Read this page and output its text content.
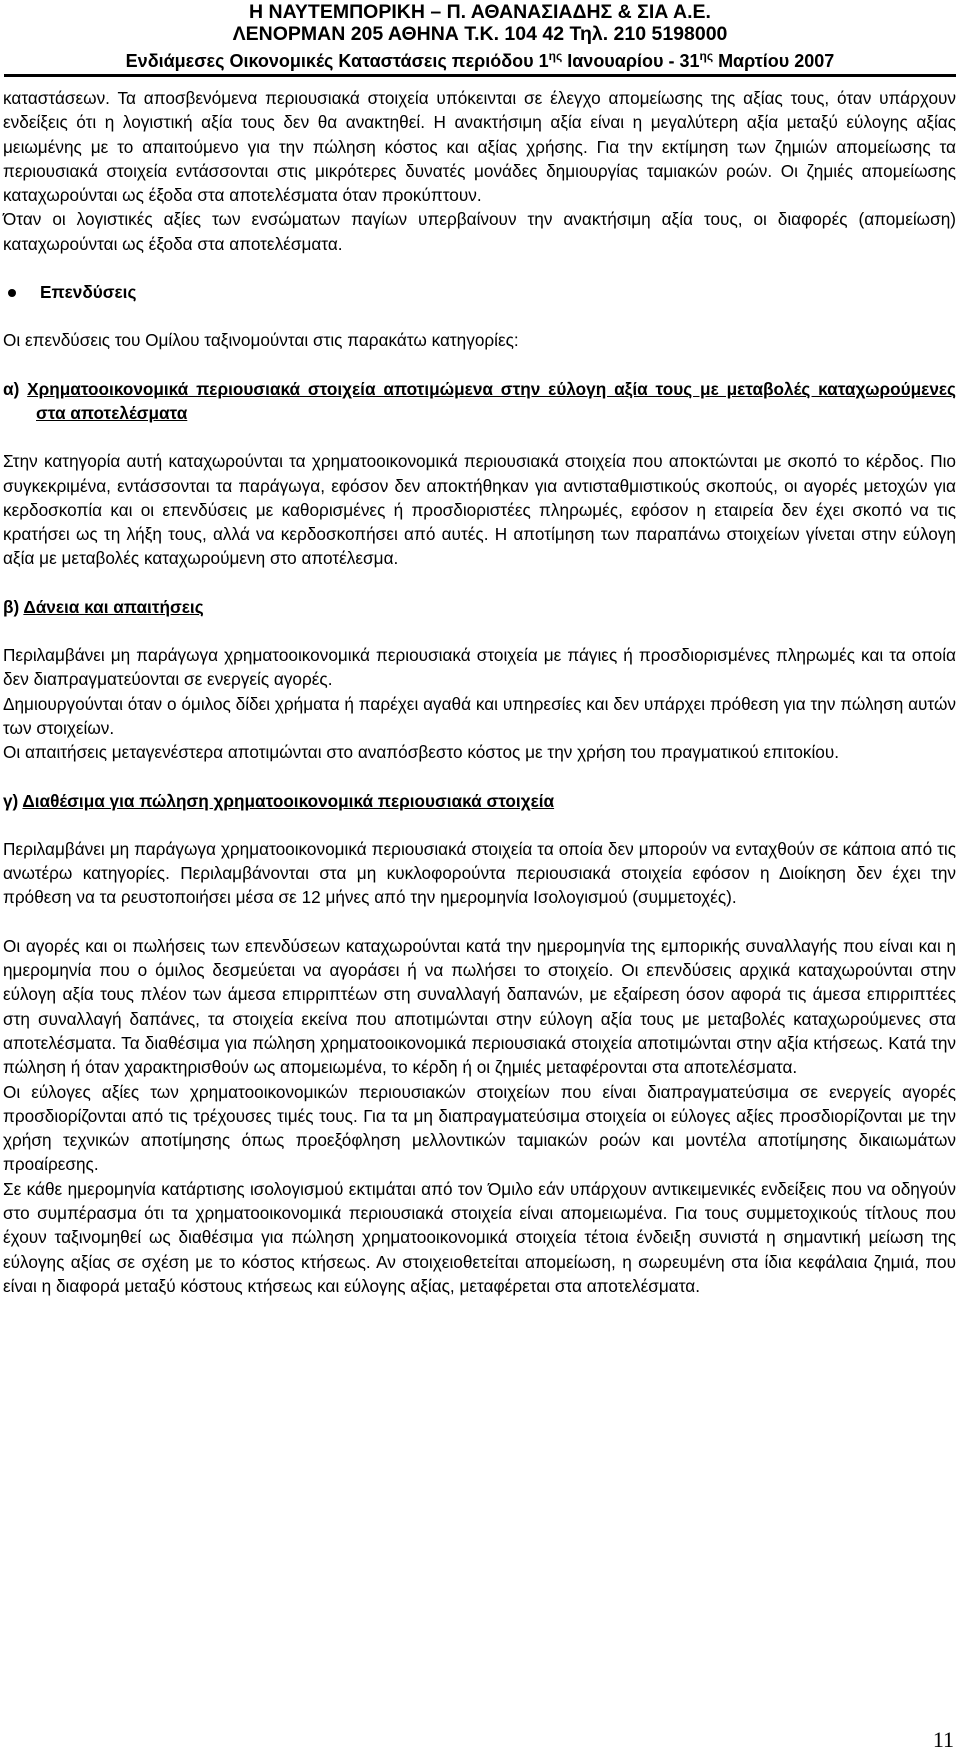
Η ΝΑΥΤΕΜΠΟΡΙΚΗ – Π. ΑΘΑΝΑΣΙΑΔΗΣ & ΣΙΑ Α.Ε.
ΛΕΝΟΡΜΑΝ 205 ΑΘΗΝΑ Τ.Κ. 104 42 Τηλ. 210 5198000
Ενδιάμεσες Οικονομικές Καταστάσεις περιόδου $1^{\eta\varsigma}$ Ιανουαρίου - $31^{\eta\varsigma}$ Μαρτίου 2007

καταστάσεων. Τα αποσβενόμενα περιουσιακά στοιχεία υπόκεινται σε έλεγχο απομείωσης της αξίας τους, όταν υπάρχουν ενδείξεις ότι η λογιστική αξία τους δεν θα ανακτηθεί. Η ανακτήσιμη αξία είναι η μεγαλύτερη αξία μεταξύ εύλογης αξίας μειωμένης με το απαιτούμενο για την πώληση κόστος και αξίας χρήσης. Για την εκτίμηση των ζημιών απομείωσης τα περιουσιακά στοιχεία εντάσσονται στις μικρότερες δυνατές μονάδες δημιουργίας ταμιακών ροών. Οι ζημιές απομείωσης καταχωρούνται ως έξοδα στα αποτελέσματα όταν προκύπτουν.

Όταν οι λογιστικές αξίες των ενσώματων παγίων υπερβαίνουν την ανακτήσιμη αξία τους, οι διαφορές (απομείωση) καταχωρούνται ως έξοδα στα αποτελέσματα.

Επενδύσεις

Οι επενδύσεις του Ομίλου ταξινομούνται στις παρακάτω κατηγορίες:

α) Χρηματοοικονομικά περιουσιακά στοιχεία αποτιμώμενα στην εύλογη αξία τους με μεταβολές καταχωρούμενες στα αποτελέσματα

Στην κατηγορία αυτή καταχωρούνται τα χρηματοοικονομικά περιουσιακά στοιχεία που αποκτώνται με σκοπό το κέρδος. Πιο συγκεκριμένα, εντάσσονται τα παράγωγα, εφόσον δεν αποκτήθηκαν για αντισταθμιστικούς σκοπούς, οι αγορές μετοχών για κερδοσκοπία και οι επενδύσεις με καθορισμένες ή προσδιοριστέες πληρωμές, εφόσον η εταιρεία δεν έχει σκοπό να τις κρατήσει ως τη λήξη τους, αλλά να κερδοσκοπήσει από αυτές. Η αποτίμηση των παραπάνω στοιχείων γίνεται στην εύλογη αξία με μεταβολές καταχωρούμενη στο αποτέλεσμα.

β) Δάνεια και απαιτήσεις

Περιλαμβάνει μη παράγωγα χρηματοοικονομικά περιουσιακά στοιχεία με πάγιες ή προσδιορισμένες πληρωμές και τα οποία δεν διαπραγματεύονται σε ενεργείς αγορές.

Δημιουργούνται όταν ο όμιλος δίδει χρήματα ή παρέχει αγαθά και υπηρεσίες και δεν υπάρχει πρόθεση για την πώληση αυτών των στοιχείων.

Οι απαιτήσεις μεταγενέστερα αποτιμώνται στο αναπόσβεστο κόστος με την χρήση του πραγματικού επιτοκίου.

γ) Διαθέσιμα για πώληση χρηματοοικονομικά περιουσιακά στοιχεία

Περιλαμβάνει μη παράγωγα χρηματοοικονομικά περιουσιακά στοιχεία τα οποία δεν μπορούν να ενταχθούν σε κάποια από τις ανωτέρω κατηγορίες. Περιλαμβάνονται στα μη κυκλοφορούντα περιουσιακά στοιχεία εφόσον η Διοίκηση δεν έχει την πρόθεση να τα ρευστοποιήσει μέσα σε 12 μήνες από την ημερομηνία Ισολογισμού (συμμετοχές).

Οι αγορές και οι πωλήσεις των επενδύσεων καταχωρούνται κατά την ημερομηνία της εμπορικής συναλλαγής που είναι και η ημερομηνία που ο όμιλος δεσμεύεται να αγοράσει ή να πωλήσει το στοιχείο. Οι επενδύσεις αρχικά καταχωρούνται στην εύλογη αξία τους πλέον των άμεσα επιρριπτέων στη συναλλαγή δαπανών, με εξαίρεση όσον αφορά τις άμεσα επιρριπτέες στη συναλλαγή δαπάνες, τα στοιχεία εκείνα που αποτιμώνται στην εύλογη αξία τους με μεταβολές καταχωρούμενες στα αποτελέσματα. Τα διαθέσιμα για πώληση χρηματοοικονομικά περιουσιακά στοιχεία αποτιμώνται στην αξία κτήσεως. Κατά την πώληση ή όταν χαρακτηρισθούν ως απομειωμένα, το κέρδη ή οι ζημιές μεταφέρονται στα αποτελέσματα.

Οι εύλογες αξίες των χρηματοοικονομικών περιουσιακών στοιχείων που είναι διαπραγματεύσιμα σε ενεργείς αγορές προσδιορίζονται από τις τρέχουσες τιμές τους. Για τα μη διαπραγματεύσιμα στοιχεία οι εύλογες αξίες προσδιορίζονται με την χρήση τεχνικών αποτίμησης όπως προεξόφληση μελλοντικών ταμιακών ροών και μοντέλα αποτίμησης δικαιωμάτων προαίρεσης.

Σε κάθε ημερομηνία κατάρτισης ισολογισμού εκτιμάται από τον Όμιλο εάν υπάρχουν αντικειμενικές ενδείξεις που να οδηγούν στο συμπέρασμα ότι τα χρηματοοικονομικά περιουσιακά στοιχεία είναι απομειωμένα. Για τους συμμετοχικούς τίτλους που έχουν ταξινομηθεί ως διαθέσιμα για πώληση χρηματοοικονομικά στοιχεία τέτοια ένδειξη συνιστά η σημαντική μείωση της εύλογης αξίας σε σχέση με το κόστος κτήσεως. Αν στοιχειοθετείται απομείωση, η σωρευμένη στα ίδια κεφάλαια ζημιά, που είναι η διαφορά μεταξύ κόστους κτήσεως και εύλογης αξίας, μεταφέρεται στα αποτελέσματα.

11
